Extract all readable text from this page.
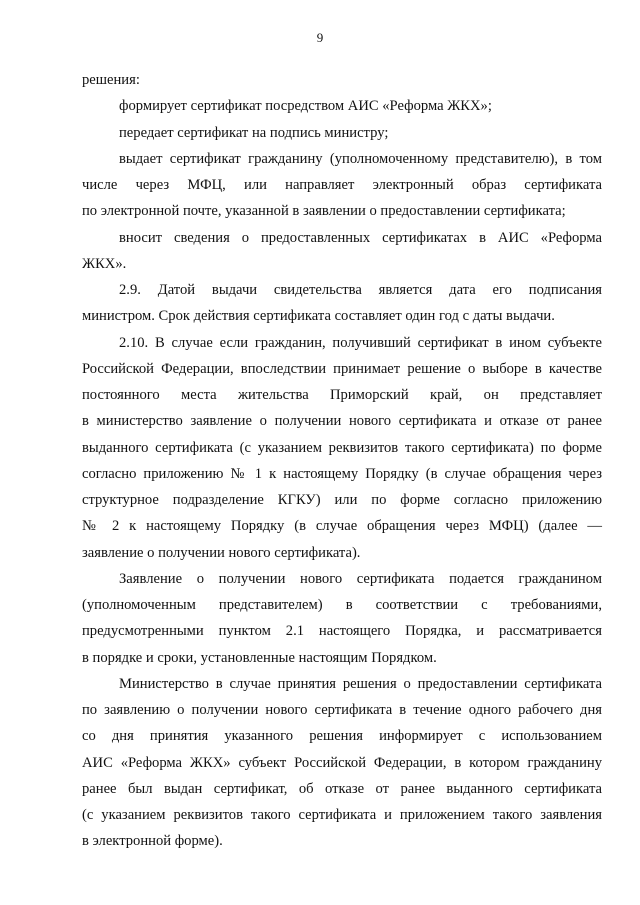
9
решения:
формирует сертификат посредством АИС «Реформа ЖКХ»;
передает сертификат на подпись министру;
выдает сертификат гражданину (уполномоченному представителю), в том
числе через МФЦ, или направляет электронный образ сертификата
по электронной почте, указанной в заявлении о предоставлении сертификата;
вносит сведения о предоставленных сертификатах в АИС «Реформа
ЖКХ».
2.9. Датой выдачи свидетельства является дата его подписания
министром. Срок действия сертификата составляет один год с даты выдачи.
2.10. В случае если гражданин, получивший сертификат в ином субъекте
Российской Федерации, впоследствии принимает решение о выборе в качестве
постоянного места жительства Приморский край, он представляет
в министерство заявление о получении нового сертификата и отказе от ранее
выданного сертификата (с указанием реквизитов такого сертификата) по форме
согласно приложению № 1 к настоящему Порядку (в случае обращения через
структурное подразделение КГКУ) или по форме согласно приложению
№ 2 к настоящему Порядку (в случае обращения через МФЦ) (далее —
заявление о получении нового сертификата).
Заявление о получении нового сертификата подается гражданином
(уполномоченным представителем) в соответствии с требованиями,
предусмотренными пунктом 2.1 настоящего Порядка, и рассматривается
в порядке и сроки, установленные настоящим Порядком.
Министерство в случае принятия решения о предоставлении сертификата
по заявлению о получении нового сертификата в течение одного рабочего дня
со дня принятия указанного решения информирует с использованием
АИС «Реформа ЖКХ» субъект Российской Федерации, в котором гражданину
ранее был выдан сертификат, об отказе от ранее выданного сертификата
(с указанием реквизитов такого сертификата и приложением такого заявления
в электронной форме).
